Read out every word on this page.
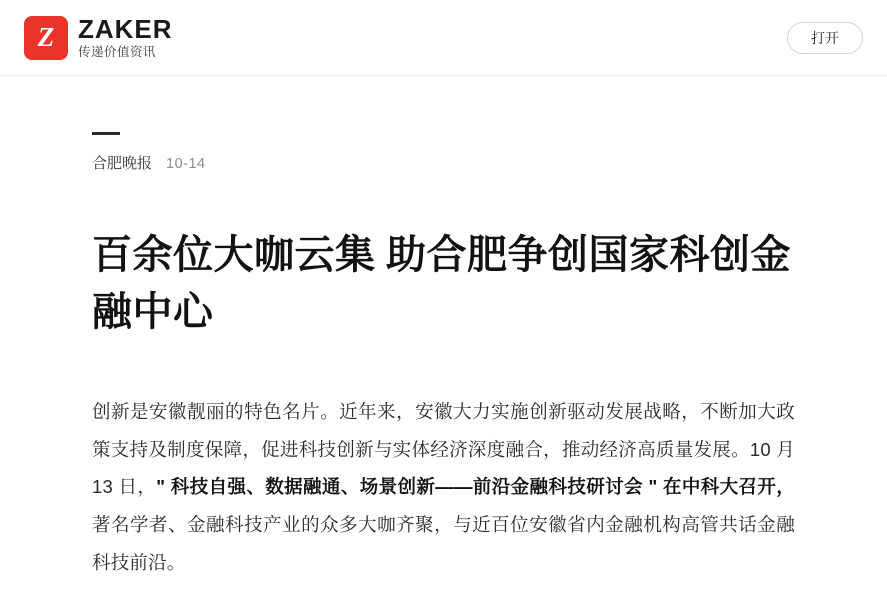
Z ZAKER
传递价值资讯
打开
合肥晚报 10-14
百余位大咖云集 助合肥争创国家科创金融中心

创新是安徽靓丽的特色名片。近年来，安徽大力实施创新驱动发展战略，不断加大政策支持及制度保障，促进科技创新与实体经济深度融合，推动经济高质量发展。10 月 13 日，" 科技自强、数据融通、场景创新——前沿金融科技研讨会 " 在中科大召开，著名学者、金融科技产业的众多大咖齐聚，与近百位安徽省内金融机构高管共话金融科技前沿。
